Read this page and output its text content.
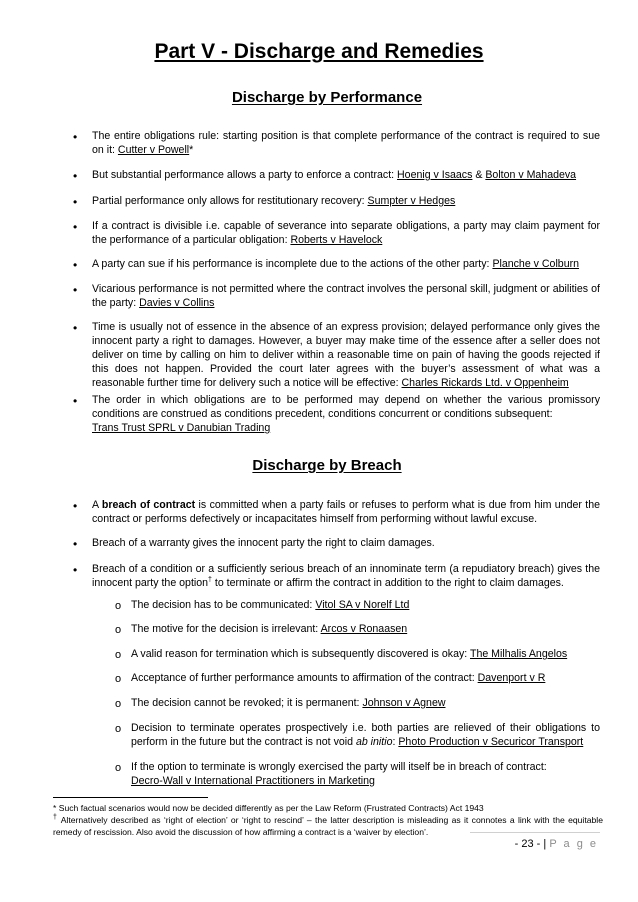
Part V - Discharge and Remedies
Discharge by Performance
• The entire obligations rule: starting position is that complete performance of the contract is required to sue on it: Cutter v Powell*
• But substantial performance allows a party to enforce a contract: Hoenig v Isaacs & Bolton v Mahadeva
• Partial performance only allows for restitutionary recovery: Sumpter v Hedges
• If a contract is divisible i.e. capable of severance into separate obligations, a party may claim payment for the performance of a particular obligation: Roberts v Havelock
• A party can sue if his performance is incomplete due to the actions of the other party: Planche v Colburn
• Vicarious performance is not permitted where the contract involves the personal skill, judgment or abilities of the party: Davies v Collins
• Time is usually not of essence in the absence of an express provision; delayed performance only gives the innocent party a right to damages. However, a buyer may make time of the essence after a seller does not deliver on time by calling on him to deliver within a reasonable time on pain of having the goods rejected if this does not happen. Provided the court later agrees with the buyer’s assessment of what was a reasonable further time for delivery such a notice will be effective: Charles Rickards Ltd. v Oppenheim
• The order in which obligations are to be performed may depend on whether the various promissory conditions are construed as conditions precedent, conditions concurrent or conditions subsequent:
Trans Trust SPRL v Danubian Trading
Discharge by Breach
• A breach of contract is committed when a party fails or refuses to perform what is due from him under the contract or performs defectively or incapacitates himself from performing without lawful excuse.
• Breach of a warranty gives the innocent party the right to claim damages.
• Breach of a condition or a sufficiently serious breach of an innominate term (a repudiatory breach) gives the innocent party the option† to terminate or affirm the contract in addition to the right to claim damages.
o The decision has to be communicated: Vitol SA v Norelf Ltd
o The motive for the decision is irrelevant: Arcos v Ronaasen
o A valid reason for termination which is subsequently discovered is okay: The Milhalis Angelos
o Acceptance of further performance amounts to affirmation of the contract: Davenport v R
o The decision cannot be revoked; it is permanent: Johnson v Agnew
o Decision to terminate operates prospectively i.e. both parties are relieved of their obligations to perform in the future but the contract is not void ab initio: Photo Production v Securicor Transport
o If the option to terminate is wrongly exercised the party will itself be in breach of contract:
Decro-Wall v International Practitioners in Marketing
* Such factual scenarios would now be decided differently as per the Law Reform (Frustrated Contracts) Act 1943
† Alternatively described as ‘right of election’ or ‘right to rescind’ – the latter description is misleading as it connotes a link with the equitable remedy of rescission. Also avoid the discussion of how affirming a contract is a ‘waiver by election’.
- 23 - | P a g e
